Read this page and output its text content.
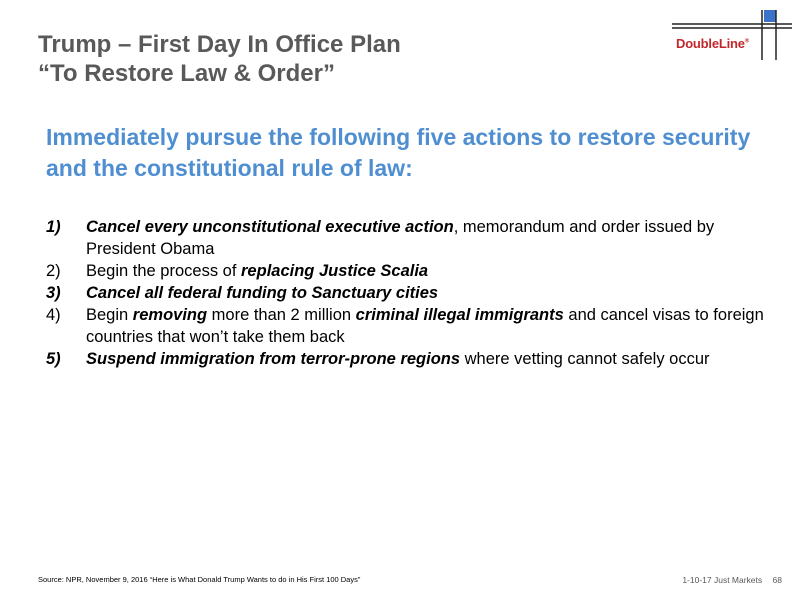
Trump – First Day In Office Plan
“To Restore Law & Order”
DoubleLine®
Immediately pursue the following five actions to restore security and the constitutional rule of law:
1) Cancel every unconstitutional executive action, memorandum and order issued by President Obama
2) Begin the process of replacing Justice Scalia
3) Cancel all federal funding to Sanctuary cities
4) Begin removing more than 2 million criminal illegal immigrants and cancel visas to foreign countries that won’t take them back
5) Suspend immigration from terror-prone regions where vetting cannot safely occur
Source: NPR, November 9, 2016 “Here is What Donald Trump Wants to do in His First 100 Days”	1-10-17 Just Markets 68
